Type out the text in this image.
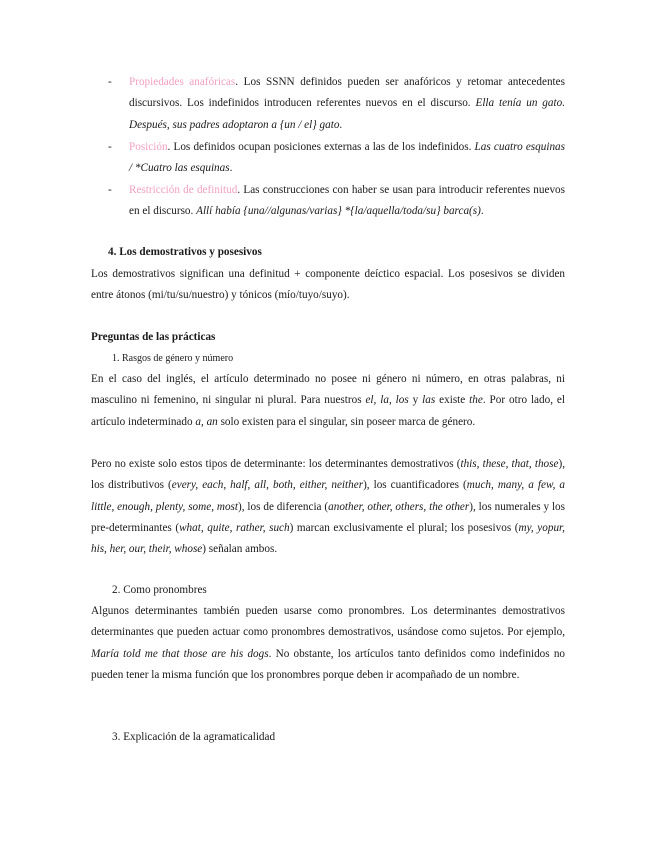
- Propiedades anafóricas. Los SSNN definidos pueden ser anafóricos y retomar antecedentes discursivos. Los indefinidos introducen referentes nuevos en el discurso. Ella tenía un gato. Después, sus padres adoptaron a {un / el} gato.
- Posición. Los definidos ocupan posiciones externas a las de los indefinidos. Las cuatro esquinas / *Cuatro las esquinas.
- Restricción de definitud. Las construcciones con haber se usan para introducir referentes nuevos en el discurso. Allí había {una//algunas/varias} *{la/aquella/toda/su} barca(s).
4. Los demostrativos y posesivos
Los demostrativos significan una definitud + componente deíctico espacial. Los posesivos se dividen entre átonos (mi/tu/su/nuestro) y tónicos (mío/tuyo/suyo).
Preguntas de las prácticas
1. Rasgos de género y número
En el caso del inglés, el artículo determinado no posee ni género ni número, en otras palabras, ni masculino ni femenino, ni singular ni plural. Para nuestros el, la, los y las existe the. Por otro lado, el artículo indeterminado a, an solo existen para el singular, sin poseer marca de género.
Pero no existe solo estos tipos de determinante: los determinantes demostrativos (this, these, that, those), los distributivos (every, each, half, all, both, either, neither), los cuantificadores (much, many, a few, a little, enough, plenty, some, most), los de diferencia (another, other, others, the other), los numerales y los pre-determinantes (what, quite, rather, such) marcan exclusivamente el plural; los posesivos (my, yopur, his, her, our, their, whose) señalan ambos.
2. Como pronombres
Algunos determinantes también pueden usarse como pronombres. Los determinantes demostrativos determinantes que pueden actuar como pronombres demostrativos, usándose como sujetos. Por ejemplo, María told me that those are his dogs. No obstante, los artículos tanto definidos como indefinidos no pueden tener la misma función que los pronombres porque deben ir acompañado de un nombre.
3. Explicación de la agramaticalidad
